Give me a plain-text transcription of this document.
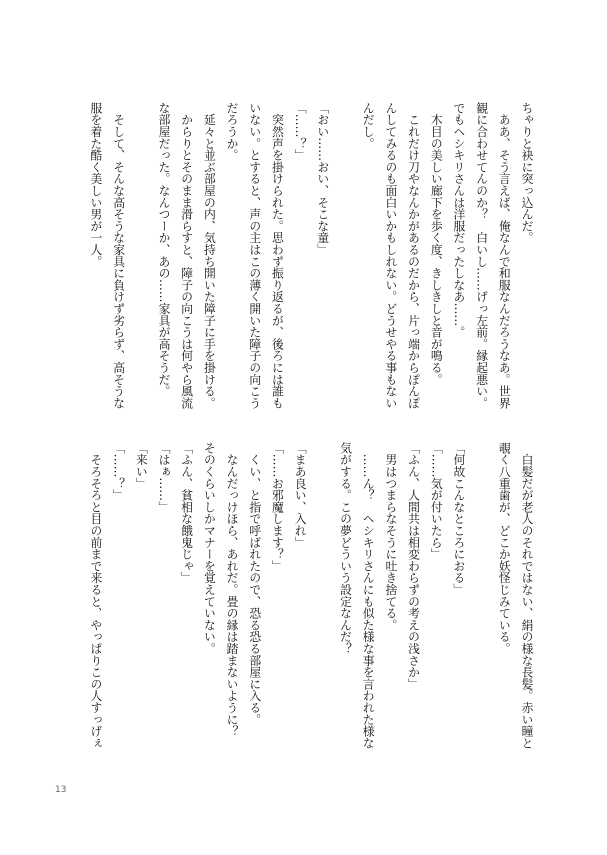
ちゃりと袂に突っ込んだ。
　ああ、そう言えば、俺なんで和服なんだろうなあ。世界
観に合わせてんのか？　白いし……げっ左前。縁起悪い。
でもヘシキリさんは洋服だったしなあ……。
　木目の美しい廊下を歩く度、きしきしと音が鳴る。
　これだけ刀やなんかがあるのだから、片っ端からぽんぽ
んしてみるのも面白いかもしれない。どうせやる事もない
んだし。
「おい……おい、そこな童」
「……？」
　突然声を掛けられた。思わず振り返るが、後ろには誰も
いない。とすると、声の主はこの薄く開いた障子の向こう
だろうか。
　延々と並ぶ部屋の内、気持ち開いた障子に手を掛ける。
　からりとそのまま滑らすと、障子の向こうは何やら風流
な部屋だった。なんつーか、あの……家具が高そうだ。
　そして、そんな高そうな家具に負けず劣らず、高そうな
服を着た酷く美しい男が一人。
　白髪だが老人のそれではない、絹の様な長髪。赤い瞳と
覗く八重歯が、どこか妖怪じみている。
「何故こんなところにおる」
「……気が付いたら」
「ふん、人間共は相変わらずの考えの浅さか」
　男はつまらなそうに吐き捨てる。
　……ん？　ヘシキリさんにも似た様な事を言われた様な
気がする。この夢どういう設定なんだ？
「まあ良い、入れ」
「……お邪魔します？」
　くい、と指で呼ばれたので、恐る恐る部屋に入る。
　なんだっけほら、あれだ。畳の縁は踏まないように？
そのくらいしかマナーを覚えていない。
「ふん、貧相な餓鬼じゃ」
「はぁ……」
「来い」
「……？」
　そろそろと目の前まで来ると、やっぱりこの人すっげぇ
13
